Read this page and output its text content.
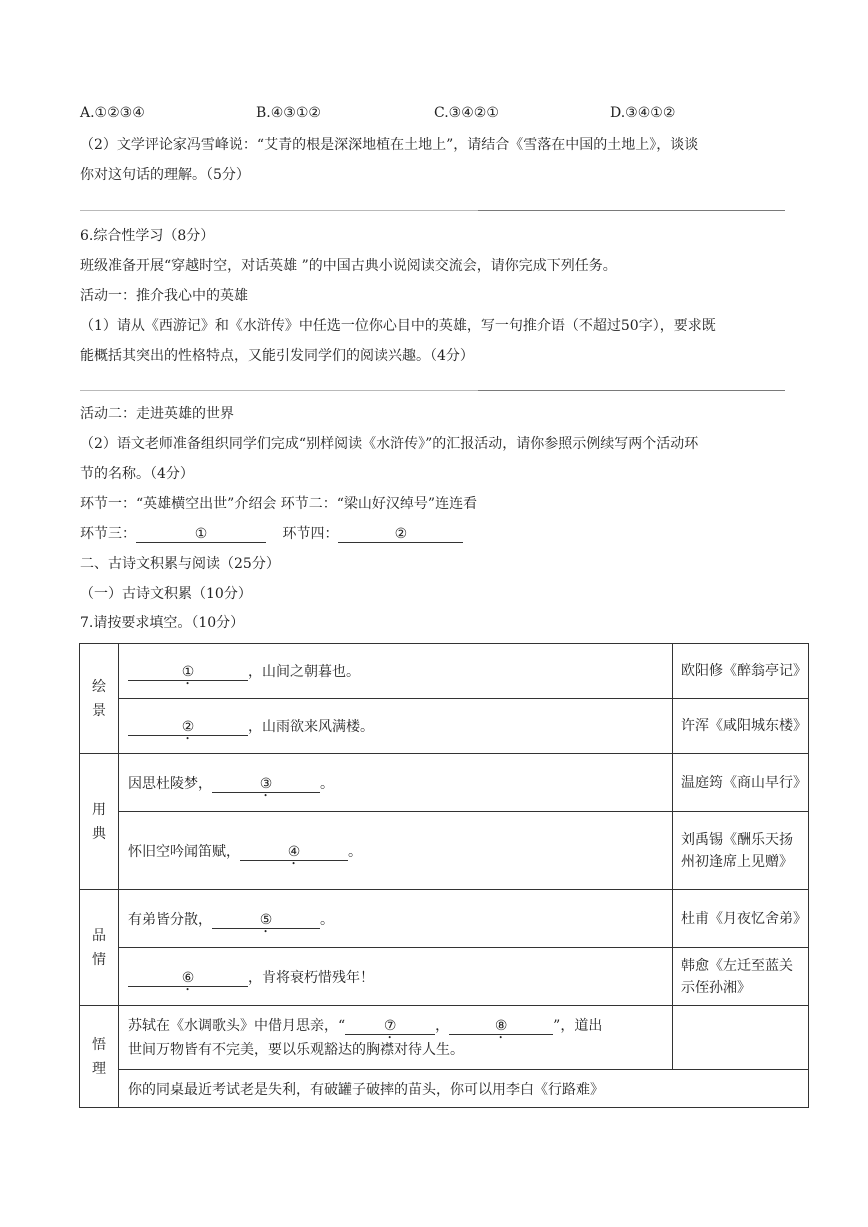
A.①②③④	B.④③①②	C.③④②①	D.③④①②
（2）文学评论家冯雪峰说：“艾青的根是深深地植在土地上”，请结合《雪落在中国的土地上》，谈谈
你对这句话的理解。（5分）
6.综合性学习（8分）
班级准备开展“穿越时空，对话英雄 ”的中国古典小说阅读交流会，请你完成下列任务。
活动一：推介我心中的英雄
（1）请从《西游记》和《水浒传》中任选一位你心目中的英雄，写一句推介语（不超过50字），要求既
能概括其突出的性格特点，又能引发同学们的阅读兴趣。（4分）
活动二：走进英雄的世界
（2）语文老师准备组织同学们完成“别样阅读《水浒传》”的汇报活动，请你参照示例续写两个活动环
节的名称。（4分）
环节一：“英雄横空出世”介绍会 环节二：“梁山好汉绰号”连连看
环节三：	①	环节四：	②
二、古诗文积累与阅读（25分）
（一）古诗文积累（10分）
7.请按要求填空。（10分）
绘
景	① ，山间之朝暮也。	欧阳修《醉翁亭记》
	② ，山雨欲来风满楼。	许浑《咸阳城东楼》

用
典	因思杜陵梦， ③ 。	温庭筠《商山早行》
	怀旧空吟闻笛赋， ④ 。	刘禹锡《酬乐天扬州初逢席上见赠》

品
情	有弟皆分散， ⑤ 。	杜甫《月夜忆舍弟》
	⑥ ，肯将衰朽惜残年！	韩愈《左迁至蓝关示侄孙湘》

悟
理	苏轼在《水调歌头》中借月思亲，“ ⑦ ， ⑧ ”，道出
世间万物皆有不完美，要以乐观豁达的胸襟对待人生。	

	你的同桌最近考试老是失利，有破罐子破摔的苗头，你可以用李白《行路难》	
